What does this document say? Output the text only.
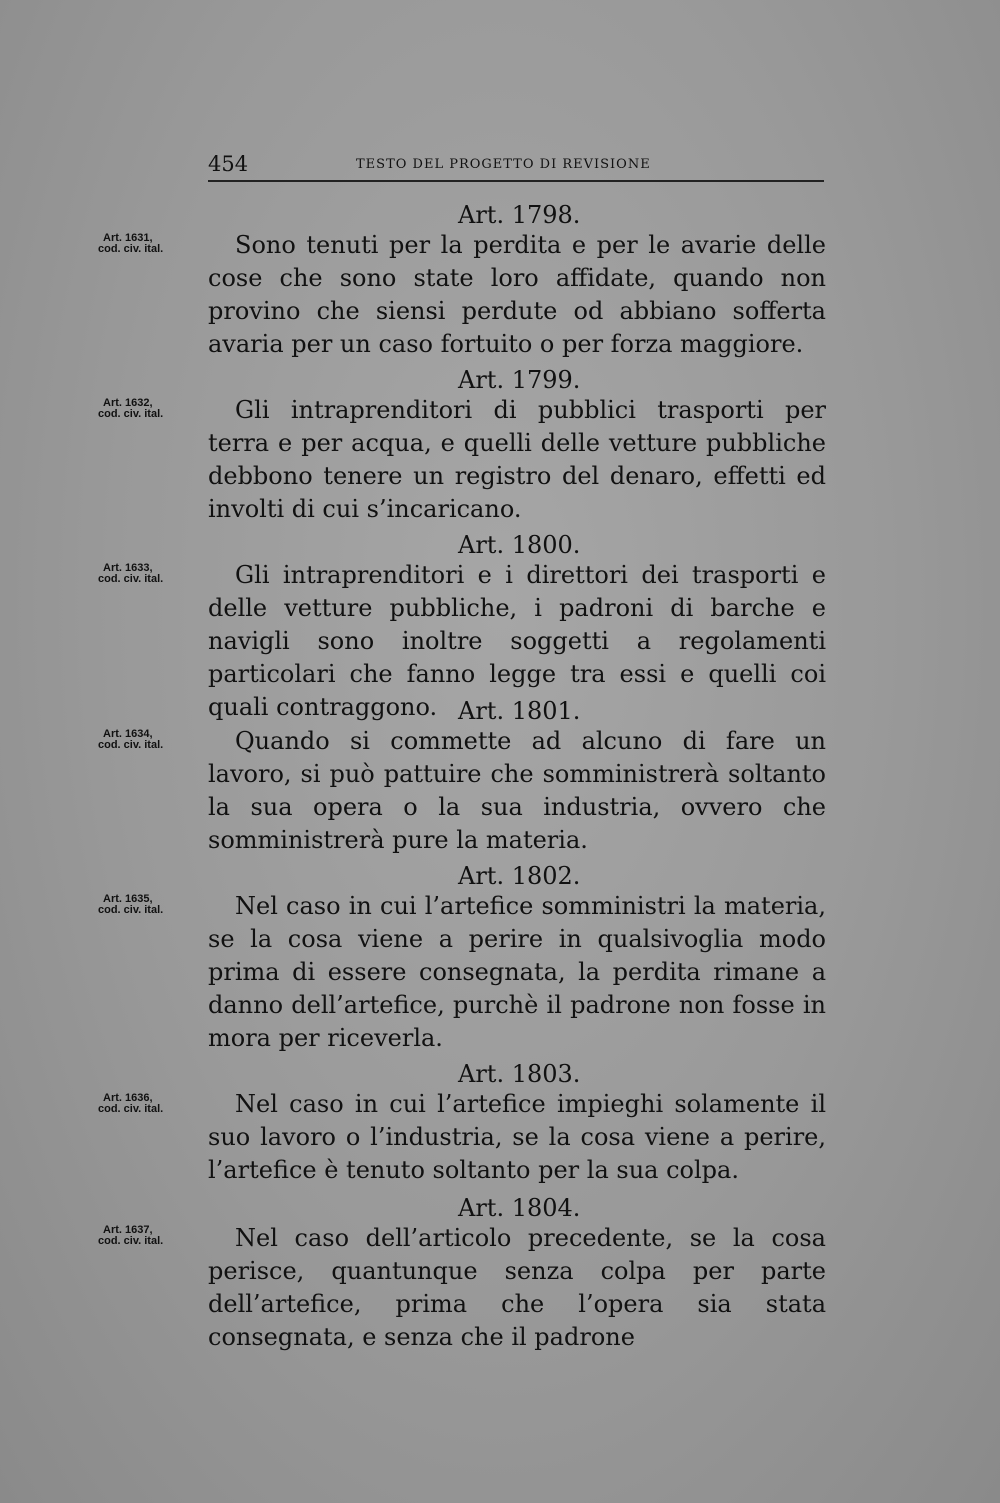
454	TESTO DEL PROGETTO DI REVISIONE
Art. 1798.
Art. 1631,
cod. civ. ital.	Sono tenuti per la perdita e per le avarie delle cose che sono state loro affidate, quando non provino che siensi perdute od abbiano sofferta avaria per un caso fortuito o per forza maggiore.
Art. 1799.
Art. 1632,
cod. civ. ital.	Gli intraprenditori di pubblici trasporti per terra e per acqua, e quelli delle vetture pubbliche debbono tenere un registro del denaro, effetti ed involti di cui s’incaricano.
Art. 1800.
Art. 1633,
cod. civ. ital.	Gli intraprenditori e i direttori dei trasporti e delle vetture pubbliche, i padroni di barche e navigli sono inoltre soggetti a regolamenti particolari che fanno legge tra essi e quelli coi quali contraggono. Art. 1801.
Art. 1634,
cod. civ. ital.	Quando si commette ad alcuno di fare un lavoro, si può pattuire che somministrerà soltanto la sua opera o la sua industria, ovvero che somministrerà pure la materia.
Art. 1802.
Art. 1635,
cod. civ. ital.	Nel caso in cui l’artefice somministri la materia, se la cosa viene a perire in qualsivoglia modo prima di essere consegnata, la perdita rimane a danno dell’artefice, purchè il padrone non fosse in mora per riceverla.
Art. 1803.
Art. 1636,
cod. civ. ital.	Nel caso in cui l’artefice impieghi solamente il suo lavoro o l’industria, se la cosa viene a perire, l’artefice è tenuto soltanto per la sua colpa.
Art. 1804.
Art. 1637,
cod. civ. ital.	Nel caso dell’articolo precedente, se la cosa perisce, quantunque senza colpa per parte dell’artefice, prima che l’opera sia stata consegnata, e senza che il padrone
